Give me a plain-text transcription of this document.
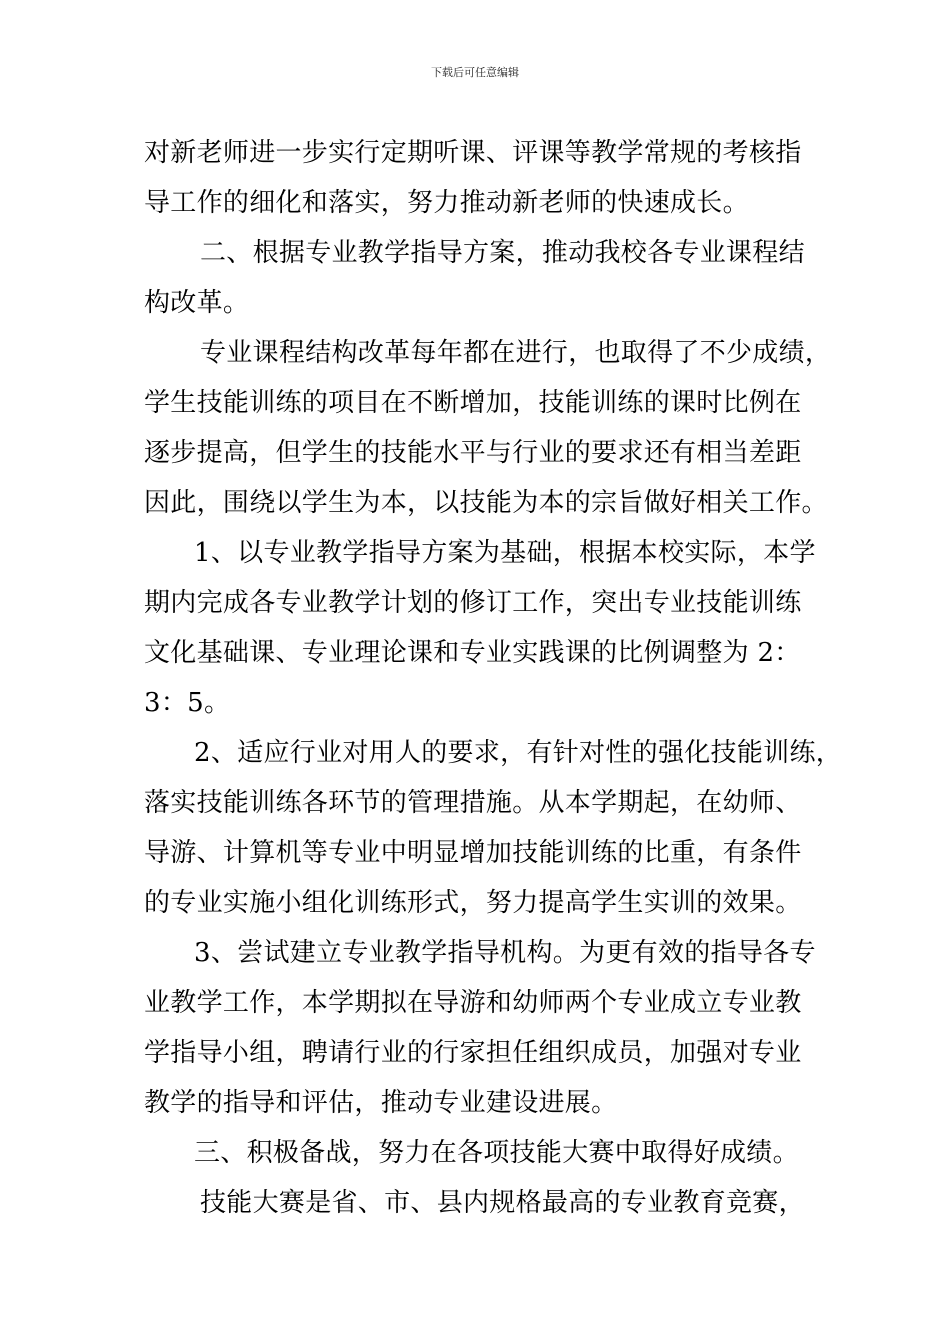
下载后可任意编辑
对新老师进一步实行定期听课、评课等教学常规的考核指
导工作的细化和落实，努力推动新老师的快速成长。
二、根据专业教学指导方案，推动我校各专业课程结
构改革。
专业课程结构改革每年都在进行，也取得了不少成绩，
学生技能训练的项目在不断增加，技能训练的课时比例在
逐步提高，但学生的技能水平与行业的要求还有相当差距
因此，围绕以学生为本，以技能为本的宗旨做好相关工作。
1、以专业教学指导方案为基础，根据本校实际，本学
期内完成各专业教学计划的修订工作，突出专业技能训练
文化基础课、专业理论课和专业实践课的比例调整为 2：
3：5。
2、适应行业对用人的要求，有针对性的强化技能训练，
落实技能训练各环节的管理措施。从本学期起，在幼师、
导游、计算机等专业中明显增加技能训练的比重，有条件
的专业实施小组化训练形式，努力提高学生实训的效果。
3、尝试建立专业教学指导机构。为更有效的指导各专
业教学工作，本学期拟在导游和幼师两个专业成立专业教
学指导小组，聘请行业的行家担任组织成员，加强对专业
教学的指导和评估，推动专业建设进展。
三、积极备战，努力在各项技能大赛中取得好成绩。
技能大赛是省、市、县内规格最高的专业教育竞赛，
